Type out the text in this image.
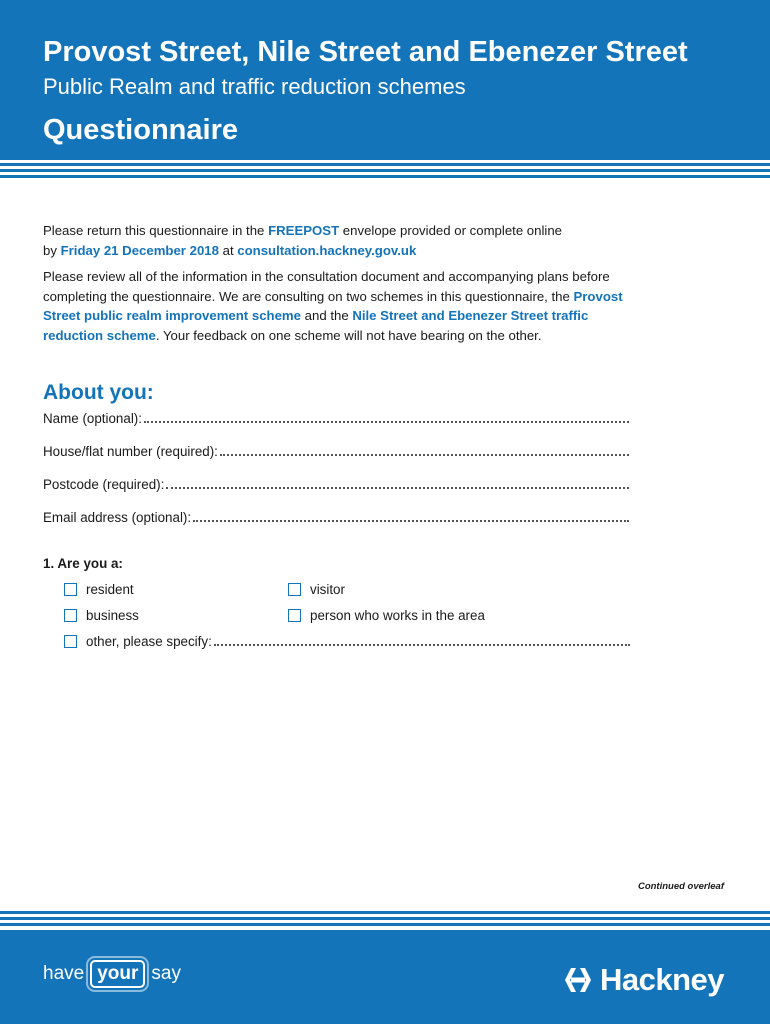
Provost Street, Nile Street and Ebenezer Street
Public Realm and traffic reduction schemes
Questionnaire

Please return this questionnaire in the FREEPOST envelope provided or complete online
by Friday 21 December 2018 at consultation.hackney.gov.uk

Please review all of the information in the consultation document and accompanying plans before completing the questionnaire. We are consulting on two schemes in this questionnaire, the Provost Street public realm improvement scheme and the Nile Street and Ebenezer Street traffic reduction scheme. Your feedback on one scheme will not have bearing on the other.

About you:
Name (optional):
House/flat number (required):
Postcode (required):
Email address (optional):
1. Are you a:
resident	visitor
business	person who works in the area
other, please specify:
Continued overleaf
have your say	Hackney
